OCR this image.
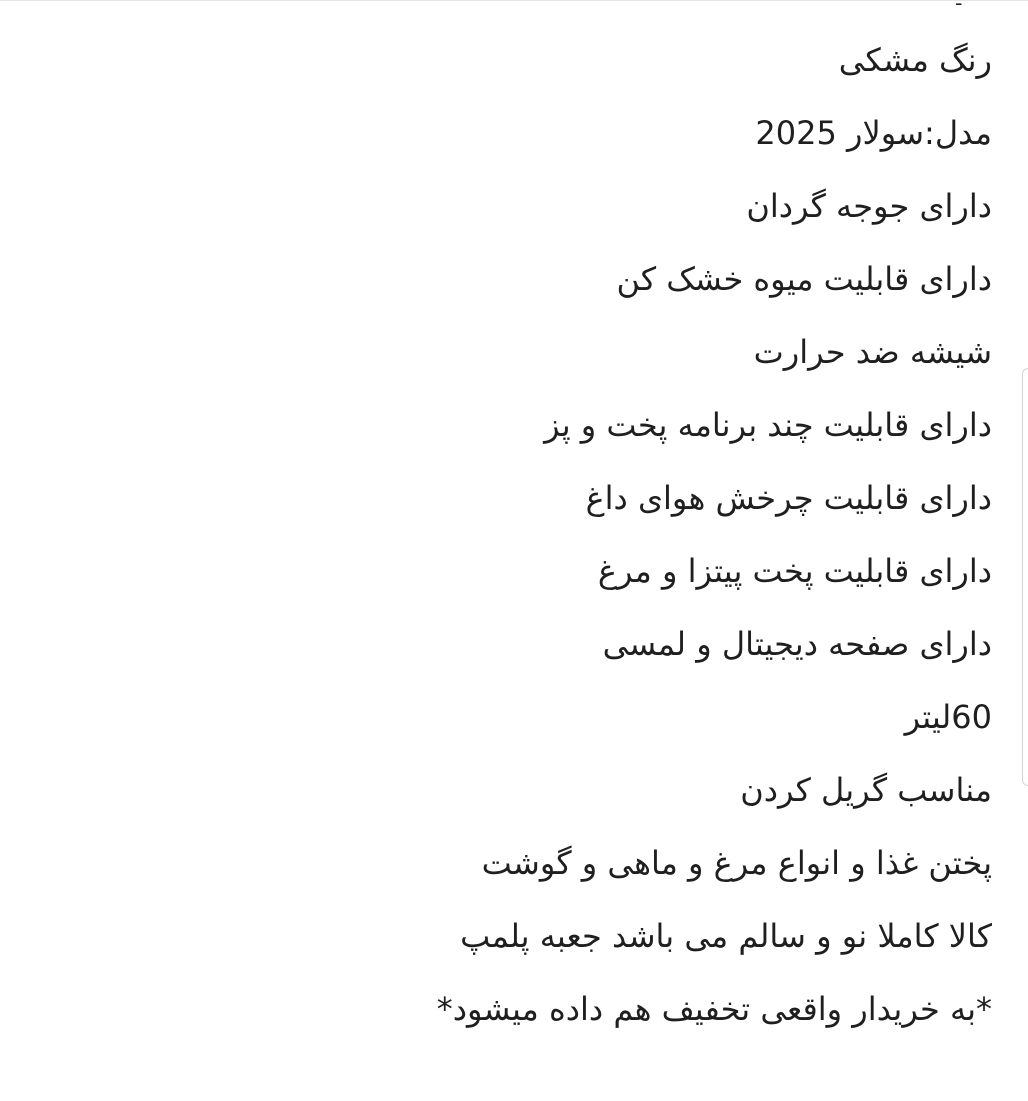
رنگ مشکی
مدل:سولار 2025
دارای جوجه گردان
دارای قابلیت میوه خشک کن
شیشه ضد حرارت
دارای قابلیت چند برنامه پخت و پز
دارای قابلیت چرخش هوای داغ
دارای قابلیت پخت پیتزا و مرغ
دارای صفحه دیجیتال و لمسی
60لیتر
مناسب گریل کردن
پختن غذا و انواع مرغ و ماهی و گوشت
کالا کاملا نو و سالم می باشد جعبه پلمپ
*به خریدار واقعی تخفیف هم داده میشود*
